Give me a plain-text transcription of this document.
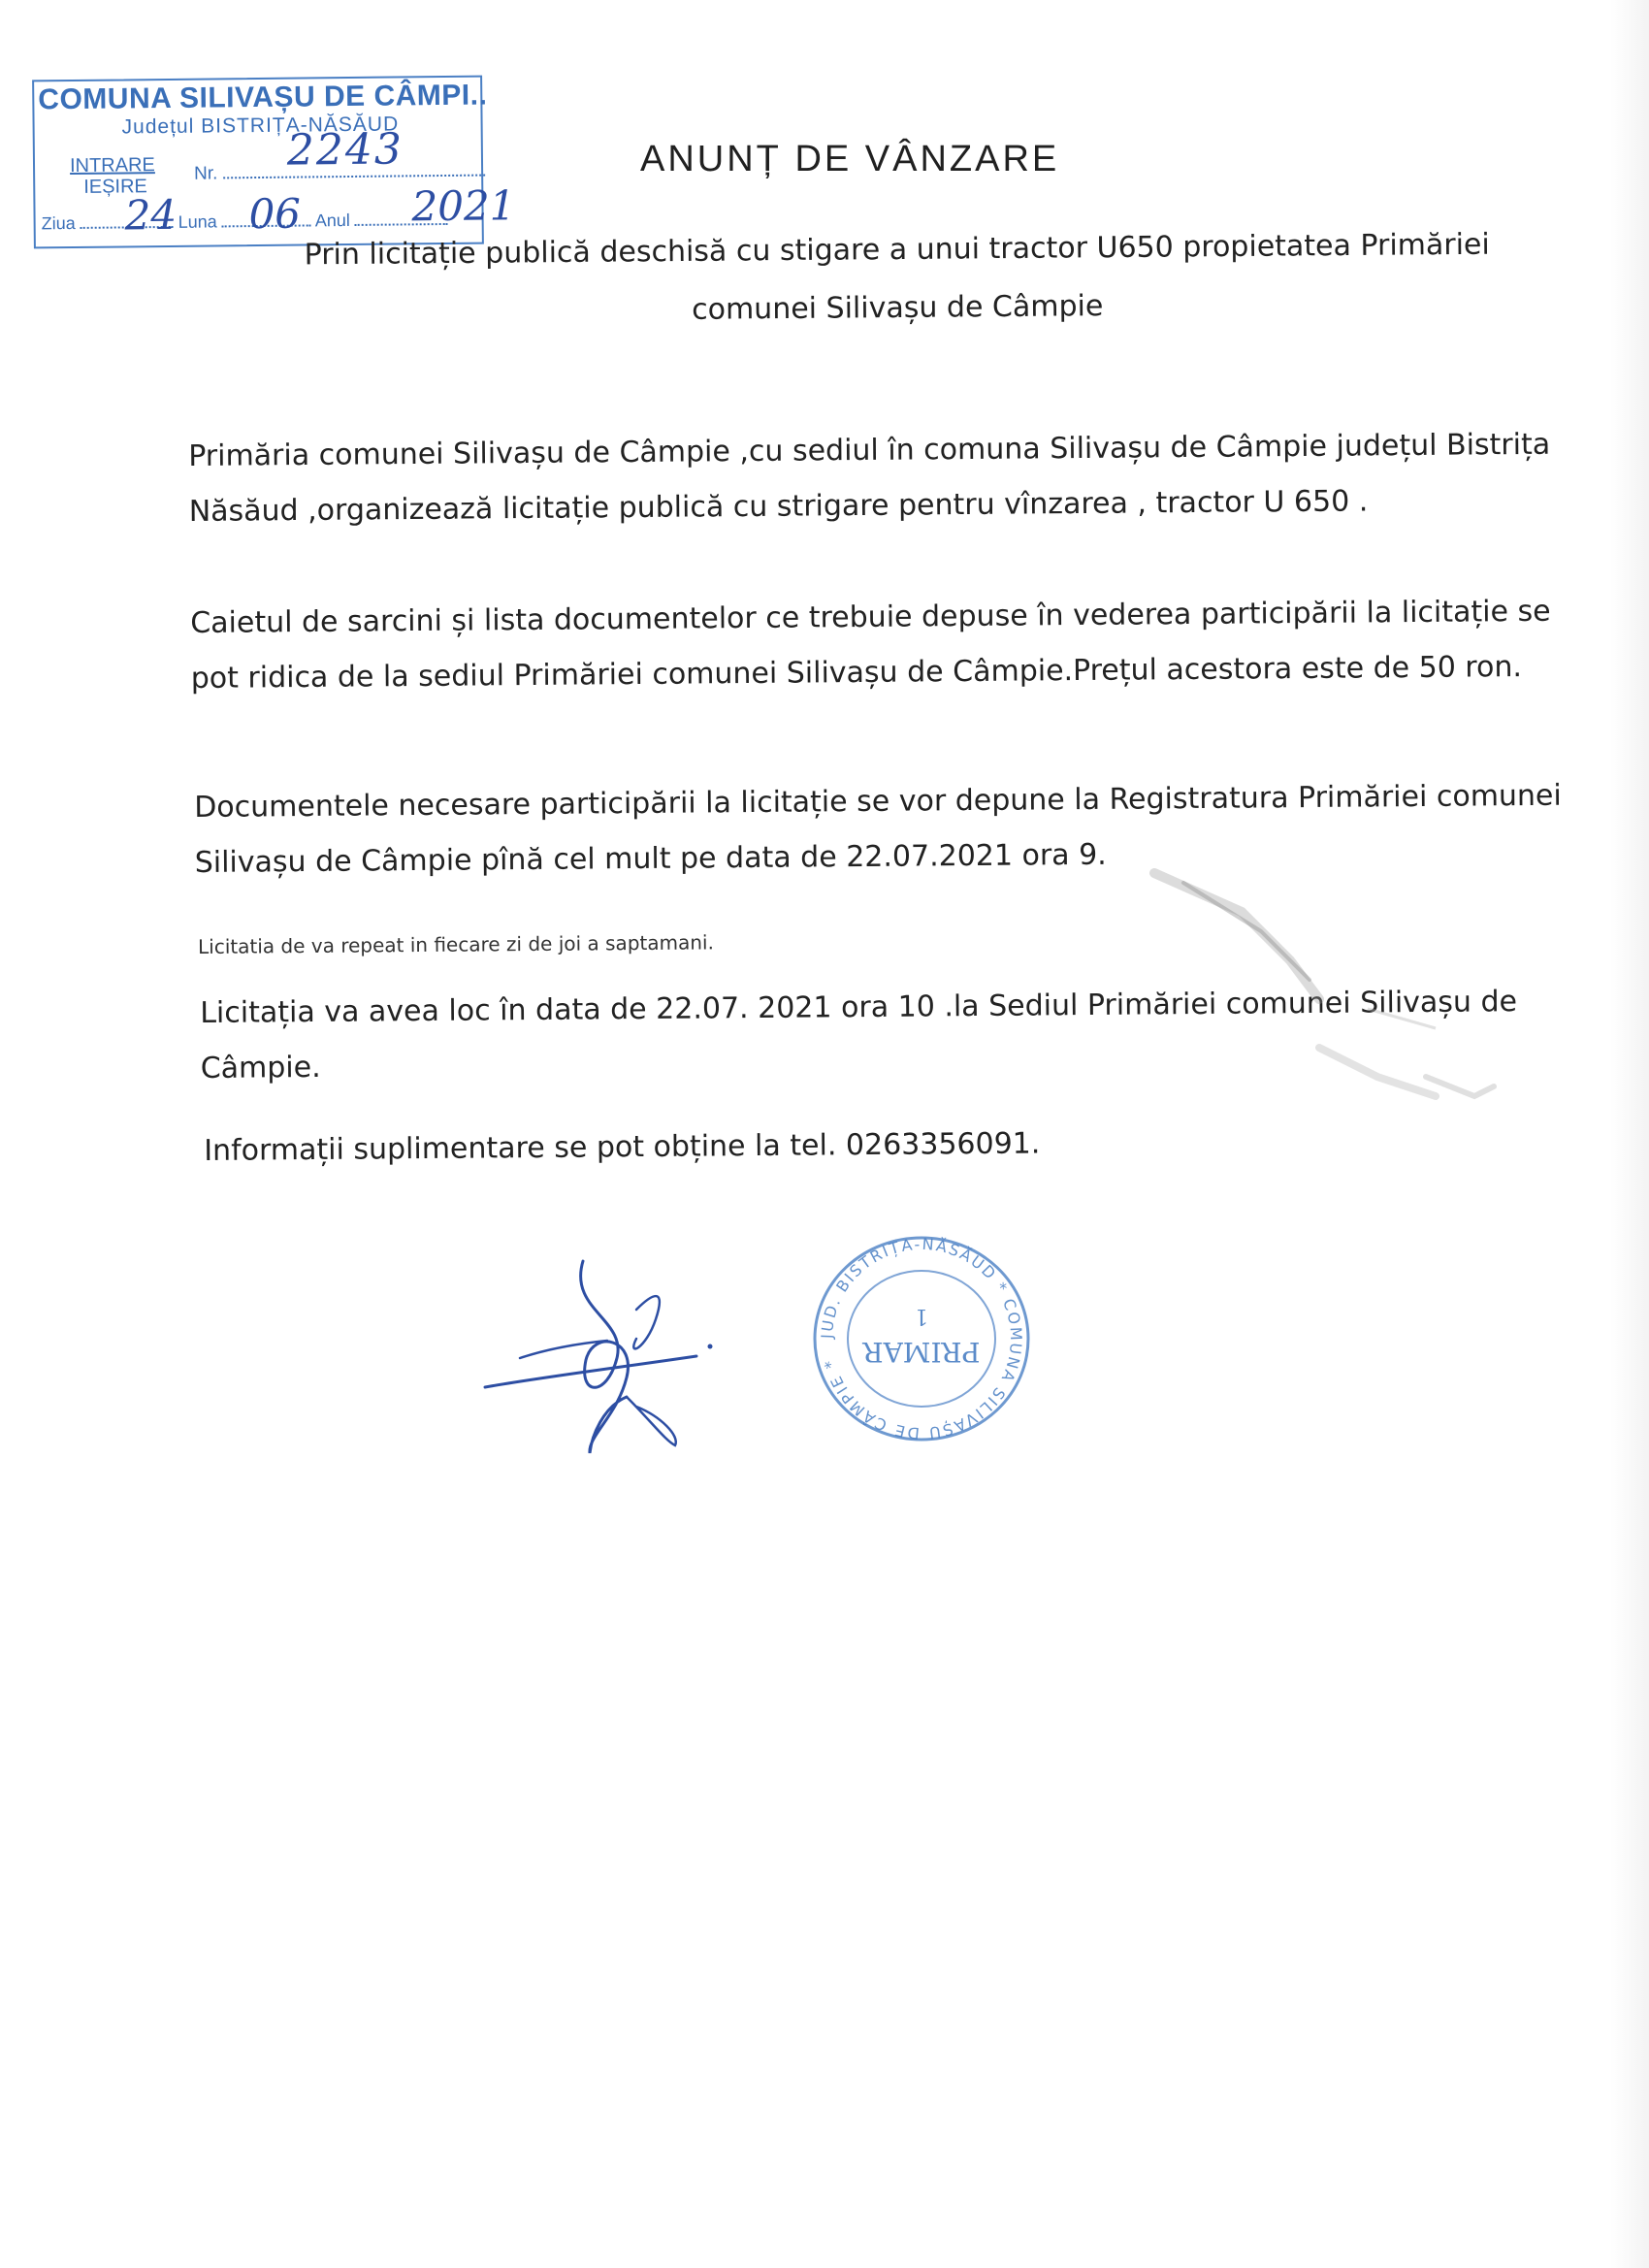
COMUNA SILIVAȘU DE CÂMPI..
Județul BISTRIȚA-NĂSĂUD
INTRARE
IEȘIRE
Nr.
Ziua	Luna	Anul
2243
24 06	2021
ANUNȚ DE VÂNZARE
Prin licitație publică deschisă cu stigare a unui tractor U650 propietatea Primăriei
comunei Silivașu de Câmpie
Primăria comunei Silivașu de Câmpie ,cu sediul în comuna Silivașu de Câmpie județul Bistrița Năsăud ,organizează licitație publică cu strigare pentru vînzarea , tractor U 650 .
Caietul de sarcini și lista documentelor ce trebuie depuse în vederea participării la licitație se pot ridica de la sediul Primăriei comunei Silivașu de Câmpie.Prețul acestora este de 50 ron.
Documentele necesare participării la licitație se vor depune la Registratura Primăriei comunei Silivașu de Câmpie pînă cel mult pe data de 22.07.2021 ora 9.
Licitatia de va repeat in fiecare zi de joi a saptamani.
Licitația va avea loc în data de 22.07. 2021 ora 10 .la Sediul Primăriei comunei Silivașu de Câmpie.
Informații suplimentare se pot obține la tel. 0263356091.
JUD. BISTRIȚA-NĂSĂUD * COMUNA SILIVAȘU DE CÂMPIE * PRIMAR
1
